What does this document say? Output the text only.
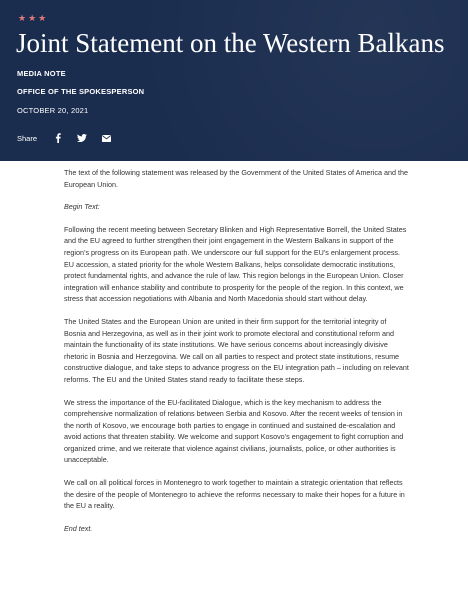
★★★
Joint Statement on the Western Balkans
MEDIA NOTE
OFFICE OF THE SPOKESPERSON
OCTOBER 20, 2021
Share

The text of the following statement was released by the Government of the United States of America and the European Union.

Begin Text:

Following the recent meeting between Secretary Blinken and High Representative Borrell, the United States and the EU agreed to further strengthen their joint engagement in the Western Balkans in support of the region’s progress on its European path. We underscore our full support for the EU’s enlargement process. EU accession, a stated priority for the whole Western Balkans, helps consolidate democratic institutions, protect fundamental rights, and advance the rule of law. This region belongs in the European Union. Closer integration will enhance stability and contribute to prosperity for the people of the region. In this context, we stress that accession negotiations with Albania and North Macedonia should start without delay.

The United States and the European Union are united in their firm support for the territorial integrity of Bosnia and Herzegovina, as well as in their joint work to promote electoral and constitutional reform and maintain the functionality of its state institutions. We have serious concerns about increasingly divisive rhetoric in Bosnia and Herzegovina. We call on all parties to respect and protect state institutions, resume constructive dialogue, and take steps to advance progress on the EU integration path – including on relevant reforms. The EU and the United States stand ready to facilitate these steps.

We stress the importance of the EU-facilitated Dialogue, which is the key mechanism to address the comprehensive normalization of relations between Serbia and Kosovo. After the recent weeks of tension in the north of Kosovo, we encourage both parties to engage in continued and sustained de-escalation and avoid actions that threaten stability. We welcome and support Kosovo’s engagement to fight corruption and organized crime, and we reiterate that violence against civilians, journalists, police, or other authorities is unacceptable.

We call on all political forces in Montenegro to work together to maintain a strategic orientation that reflects the desire of the people of Montenegro to achieve the reforms necessary to make their hopes for a future in the EU a reality.

End text.
